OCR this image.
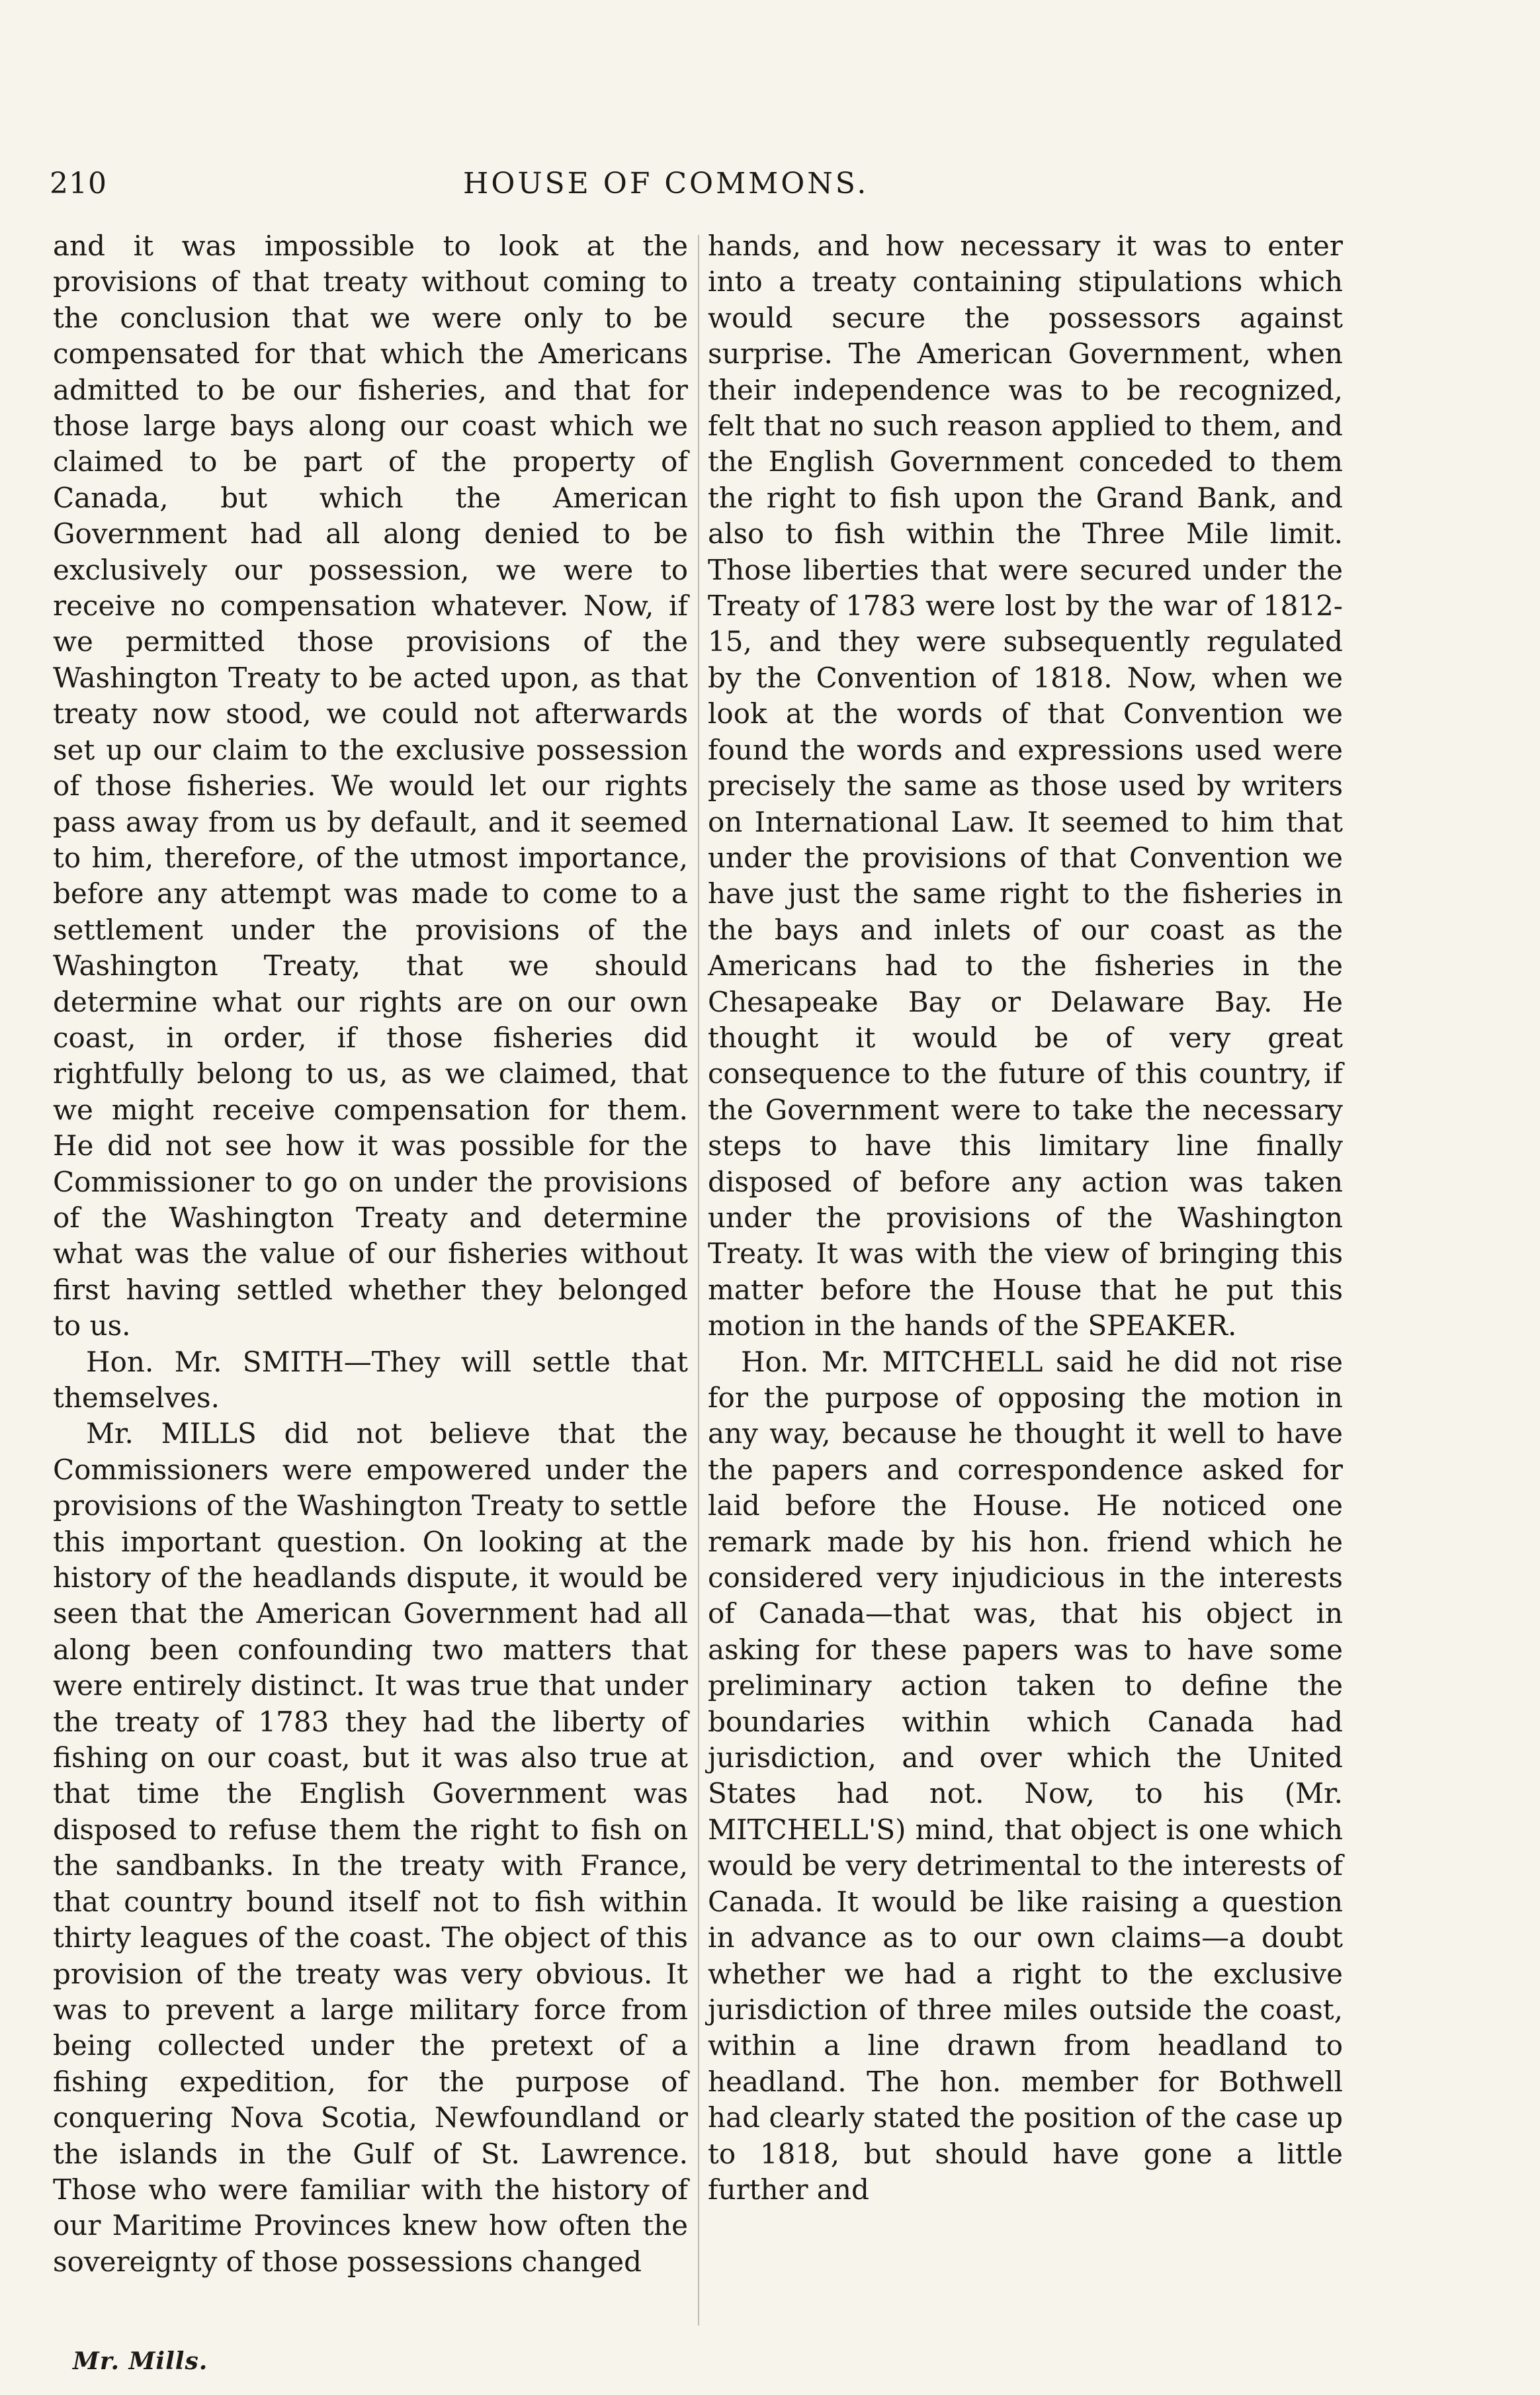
210	HOUSE OF COMMONS.

and it was impossible to look at the provisions of that treaty without coming to the conclusion that we were only to be compensated for that which the Americans admitted to be our fisheries, and that for those large bays along our coast which we claimed to be part of the property of Canada, but which the American Government had all along denied to be exclusively our possession, we were to receive no compensation whatever. Now, if we permitted those provisions of the Washington Treaty to be acted upon, as that treaty now stood, we could not afterwards set up our claim to the exclusive possession of those fisheries. We would let our rights pass away from us by default, and it seemed to him, therefore, of the utmost importance, before any attempt was made to come to a settlement under the provisions of the Washington Treaty, that we should determine what our rights are on our own coast, in order, if those fisheries did rightfully belong to us, as we claimed, that we might receive compensation for them. He did not see how it was possible for the Commissioner to go on under the provisions of the Washington Treaty and determine what was the value of our fisheries without first having settled whether they belonged to us.

Hon. Mr. SMITH—They will settle that themselves.

Mr. MILLS did not believe that the Commissioners were empowered under the provisions of the Washington Treaty to settle this important question. On looking at the history of the headlands dispute, it would be seen that the American Government had all along been confounding two matters that were entirely distinct. It was true that under the treaty of 1783 they had the liberty of fishing on our coast, but it was also true at that time the English Government was disposed to refuse them the right to fish on the sandbanks. In the treaty with France, that country bound itself not to fish within thirty leagues of the coast. The object of this provision of the treaty was very obvious. It was to prevent a large military force from being collected under the pretext of a fishing expedition, for the purpose of conquering Nova Scotia, Newfoundland or the islands in the Gulf of St. Lawrence. Those who were familiar with the history of our Maritime Provinces knew how often the sovereignty of those possessions changed

hands, and how necessary it was to enter into a treaty containing stipulations which would secure the possessors against surprise. The American Government, when their independence was to be recognized, felt that no such reason applied to them, and the English Government conceded to them the right to fish upon the Grand Bank, and also to fish within the Three Mile limit. Those liberties that were secured under the Treaty of 1783 were lost by the war of 1812-15, and they were subsequently regulated by the Convention of 1818. Now, when we look at the words of that Convention we found the words and expressions used were precisely the same as those used by writers on International Law. It seemed to him that under the provisions of that Convention we have just the same right to the fisheries in the bays and inlets of our coast as the Americans had to the fisheries in the Chesapeake Bay or Delaware Bay. He thought it would be of very great consequence to the future of this country, if the Government were to take the necessary steps to have this limitary line finally disposed of before any action was taken under the provisions of the Washington Treaty. It was with the view of bringing this matter before the House that he put this motion in the hands of the SPEAKER.

Hon. Mr. MITCHELL said he did not rise for the purpose of opposing the motion in any way, because he thought it well to have the papers and correspondence asked for laid before the House. He noticed one remark made by his hon. friend which he considered very injudicious in the interests of Canada—that was, that his object in asking for these papers was to have some preliminary action taken to define the boundaries within which Canada had jurisdiction, and over which the United States had not. Now, to his (Mr. MITCHELL'S) mind, that object is one which would be very detrimental to the interests of Canada. It would be like raising a question in advance as to our own claims—a doubt whether we had a right to the exclusive jurisdiction of three miles outside the coast, within a line drawn from headland to headland. The hon. member for Bothwell had clearly stated the position of the case up to 1818, but should have gone a little further and

Mr. Mills.
